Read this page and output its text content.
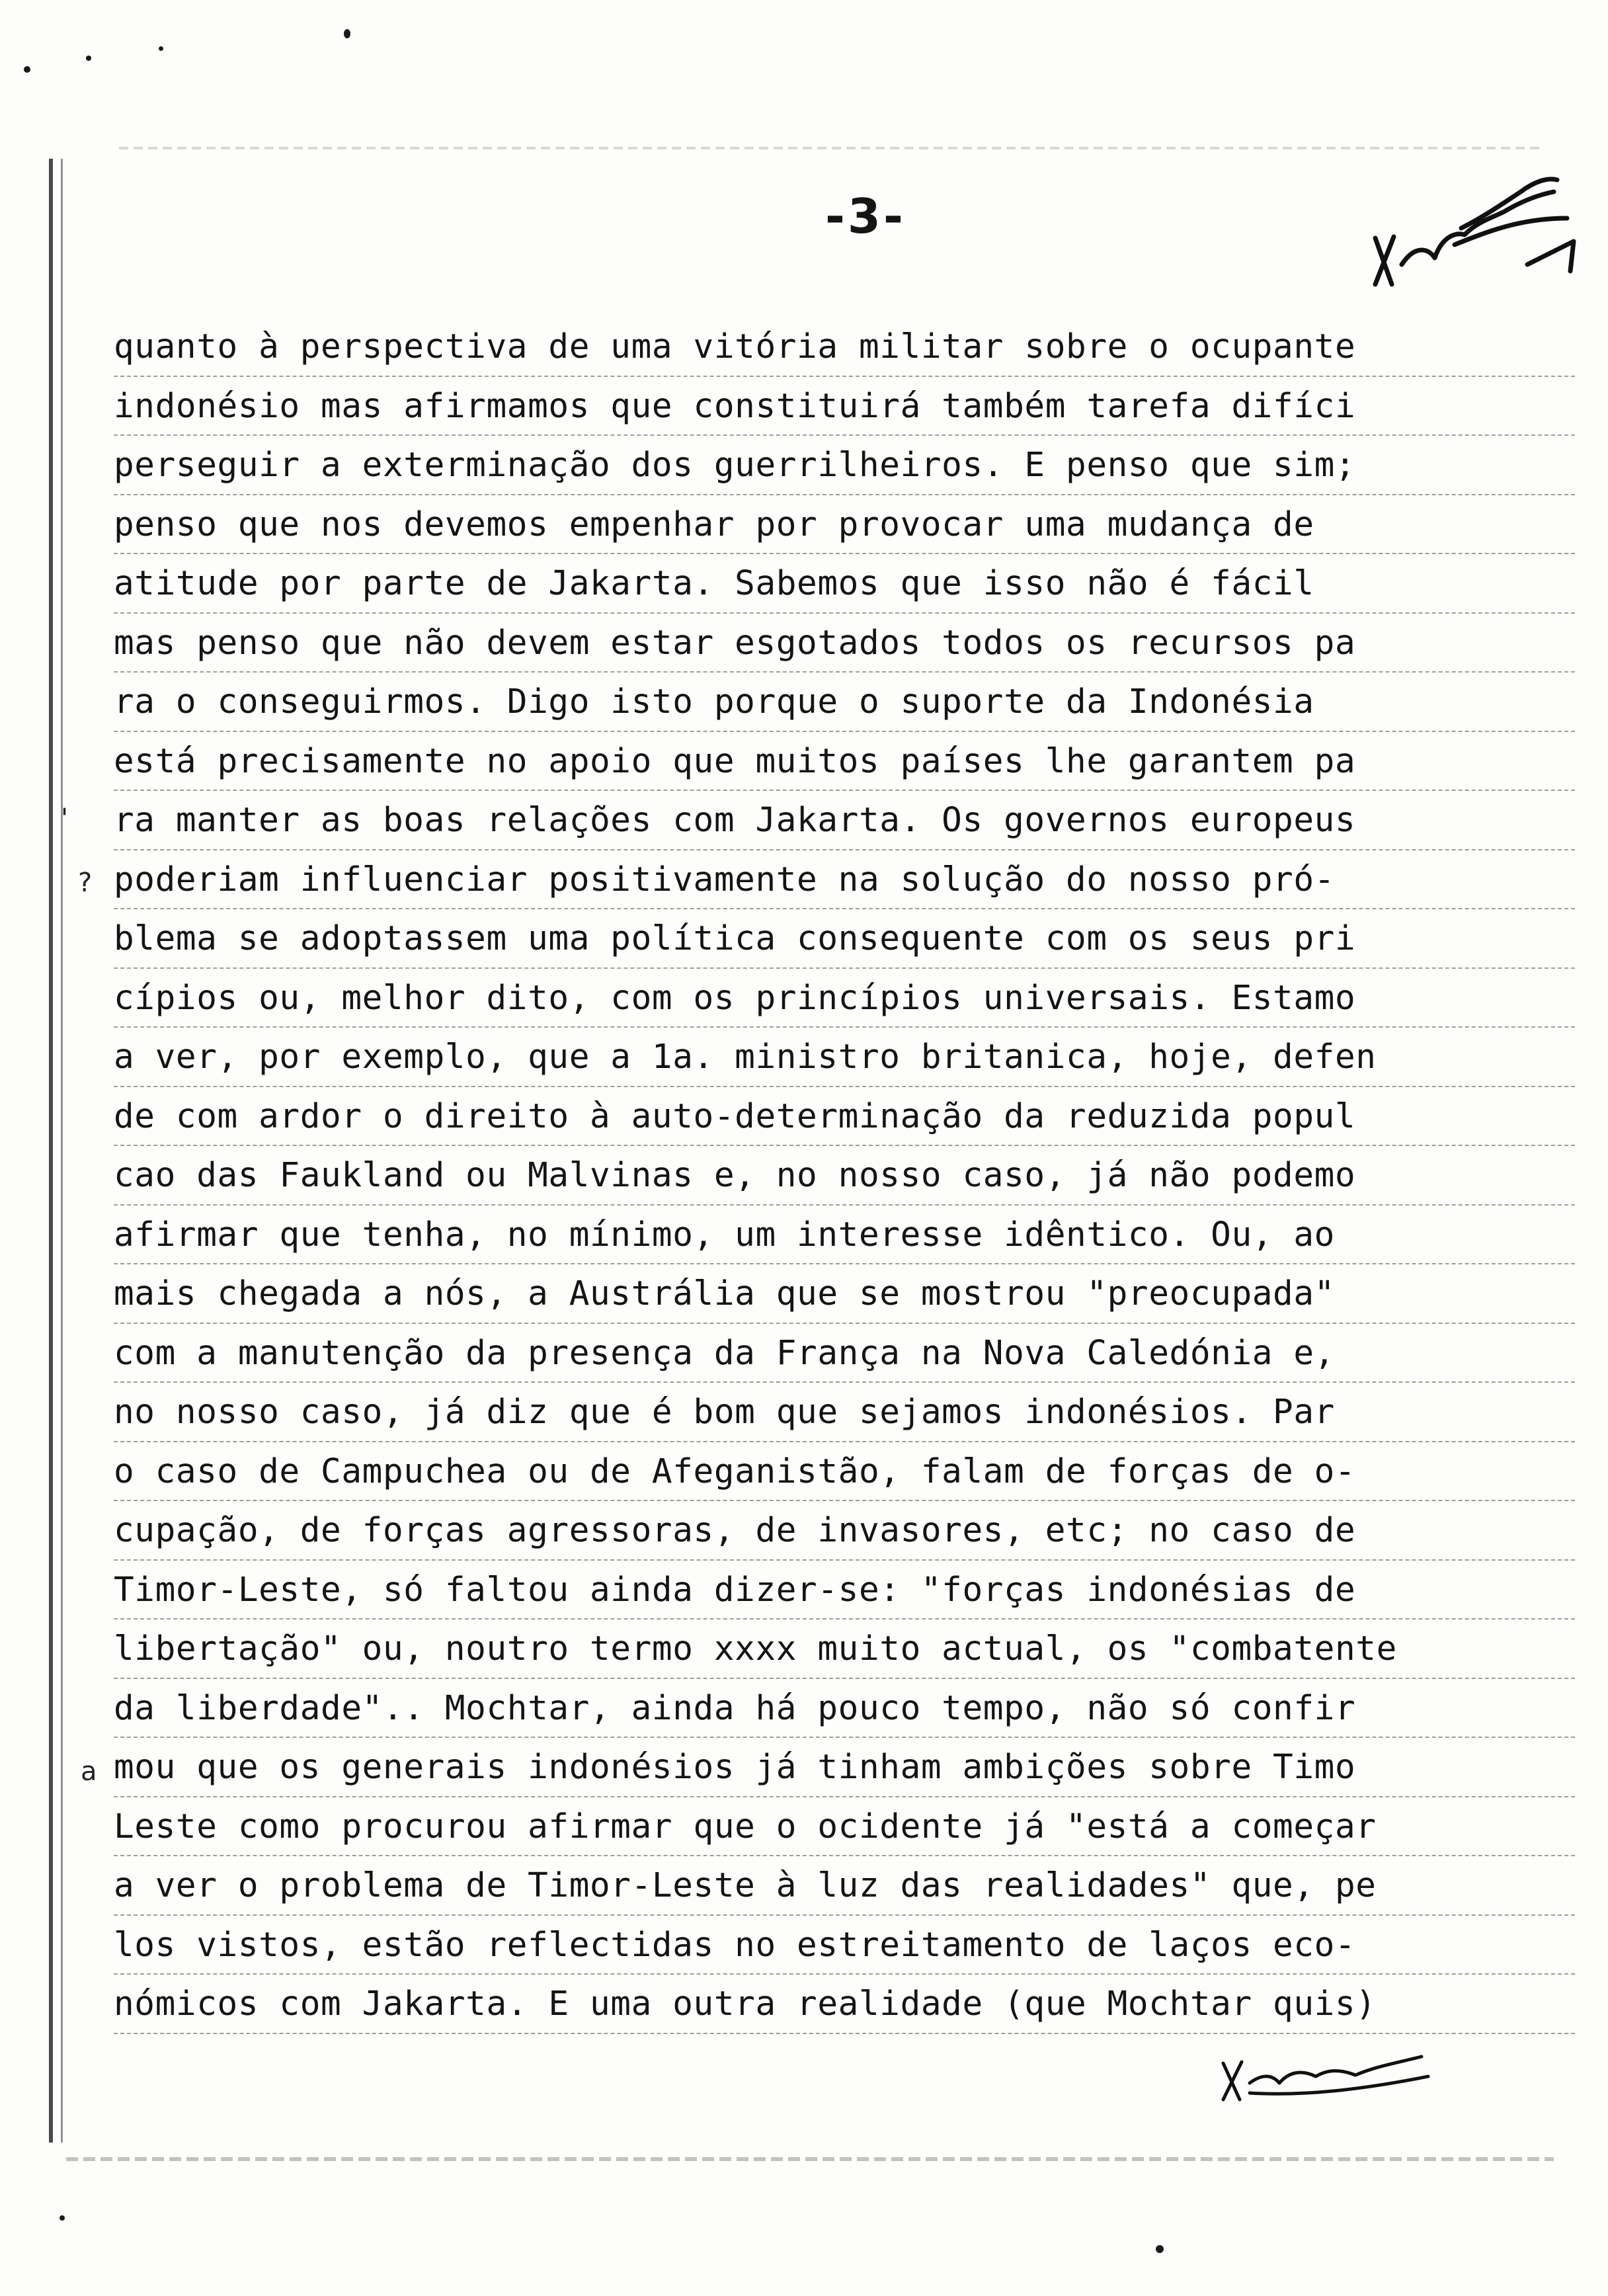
'
?
a
-3-
quanto à perspectiva de uma vitória militar sobre o ocupante
indonésio mas afirmamos que constituirá também tarefa difíci
perseguir a exterminação dos guerrilheiros. E penso que sim;
penso que nos devemos empenhar por provocar uma mudança de
atitude por parte de Jakarta. Sabemos que isso não é fácil
mas penso que não devem estar esgotados todos os recursos pa
ra o conseguirmos. Digo isto porque o suporte da Indonésia
está precisamente no apoio que muitos países lhe garantem pa
ra manter as boas relações com Jakarta. Os governos europeus
poderiam influenciar positivamente na solução do nosso pró-
blema se adoptassem uma política consequente com os seus pri
cípios ou, melhor dito, com os princípios universais. Estamo
a ver, por exemplo, que a 1a. ministro britanica, hoje, defen
de com ardor o direito à auto-determinação da reduzida popul
cao das Faukland ou Malvinas e, no nosso caso, já não podemo
afirmar que tenha, no mínimo, um interesse idêntico. Ou, ao
mais chegada a nós, a Austrália que se mostrou "preocupada"
com a manutenção da presença da França na Nova Caledónia e,
no nosso caso, já diz que é bom que sejamos indonésios. Par
o caso de Campuchea ou de Afeganistão, falam de forças de o-
cupação, de forças agressoras, de invasores, etc; no caso de
Timor-Leste, só faltou ainda dizer-se: "forças indonésias de
libertação" ou, noutro termo xxxx muito actual, os "combatente
da liberdade".. Mochtar, ainda há pouco tempo, não só confir
mou que os generais indonésios já tinham ambições sobre Timo
Leste como procurou afirmar que o ocidente já "está a começar
a ver o problema de Timor-Leste à luz das realidades" que, pe
los vistos, estão reflectidas no estreitamento de laços eco-
nómicos com Jakarta. E uma outra realidade (que Mochtar quis)
